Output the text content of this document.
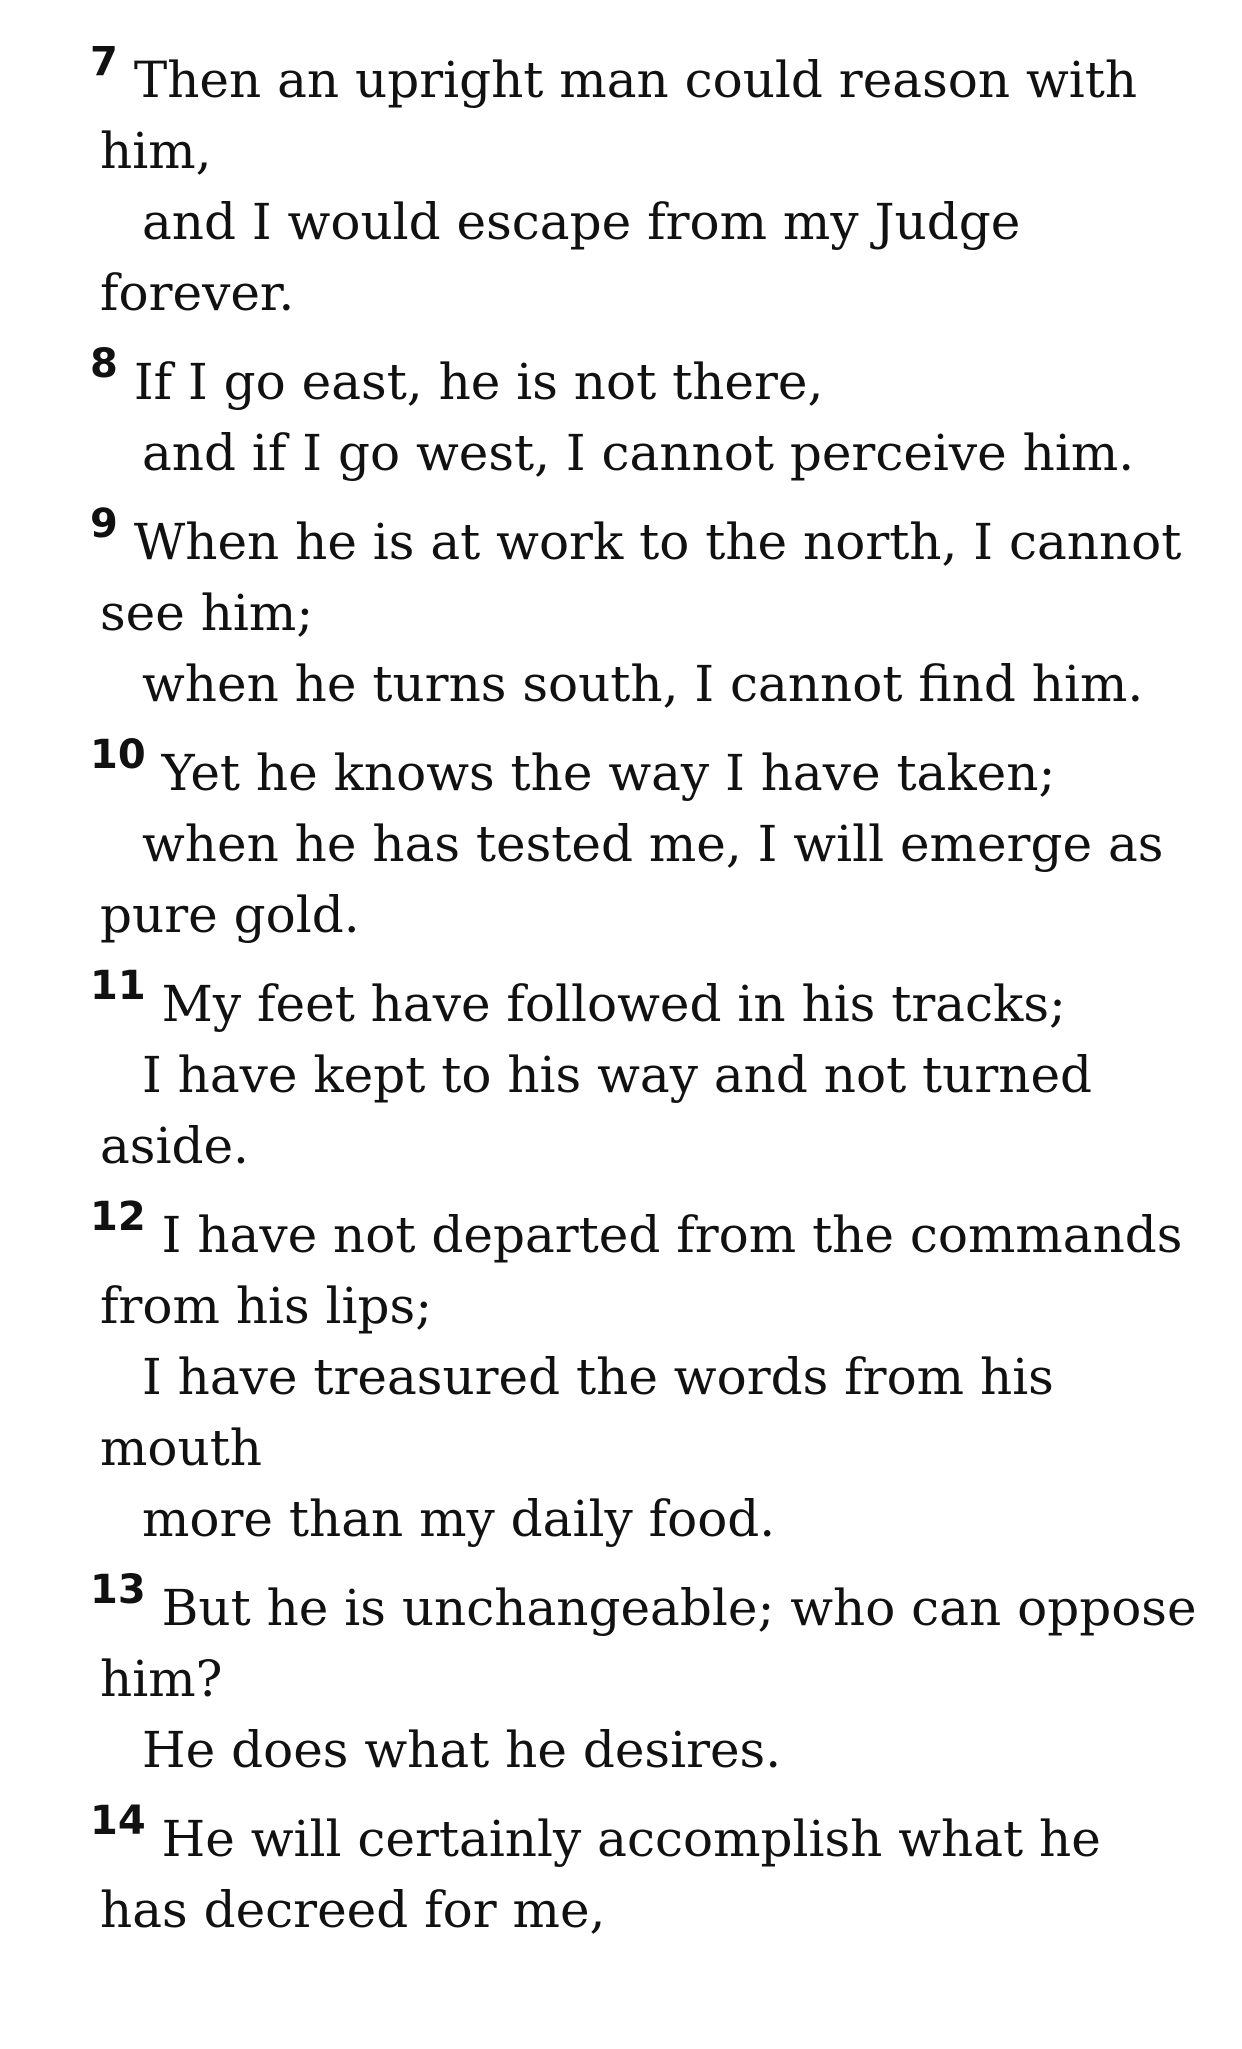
$^7$ Then an upright man could reason with
him,
and I would escape from my Judge
forever.
$^8$ If I go east, he is not there,
and if I go west, I cannot perceive him.
$^9$ When he is at work to the north, I cannot
see him;
when he turns south, I cannot find him.
$^{10}$ Yet he knows the way I have taken;
when he has tested me, I will emerge as
pure gold.
$^{11}$ My feet have followed in his tracks;
I have kept to his way and not turned
aside.
$^{12}$ I have not departed from the commands
from his lips;
I have treasured the words from his
mouth
more than my daily food.
$^{13}$ But he is unchangeable; who can oppose
him?
He does what he desires.
$^{14}$ He will certainly accomplish what he
has decreed for me,
